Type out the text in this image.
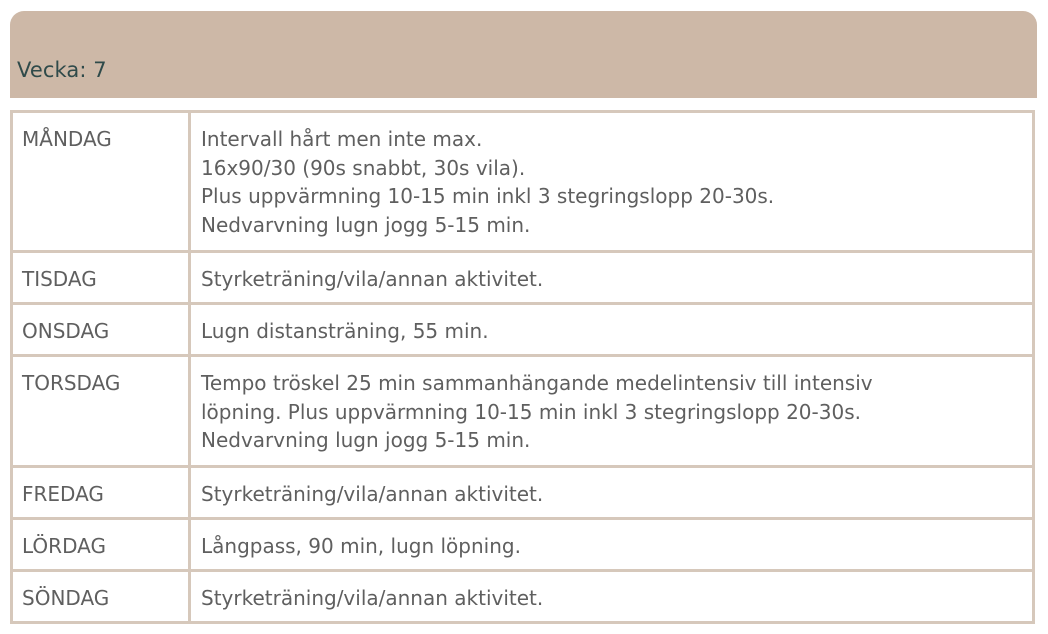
Vecka: 7
MÅNDAG	Intervall hårt men inte max.
16x90/30 (90s snabbt, 30s vila).
Plus uppvärmning 10-15 min inkl 3 stegringslopp 20-30s.
Nedvarvning lugn jogg 5-15 min.

TISDAG	Styrketräning/vila/annan aktivitet.

ONSDAG	Lugn distansträning, 55 min.

TORSDAG	Tempo tröskel 25 min sammanhängande medelintensiv till intensiv
löpning. Plus uppvärmning 10-15 min inkl 3 stegringslopp 20-30s.
Nedvarvning lugn jogg 5-15 min.

FREDAG	Styrketräning/vila/annan aktivitet.

LÖRDAG	Långpass, 90 min, lugn löpning.

SÖNDAG	Styrketräning/vila/annan aktivitet.
